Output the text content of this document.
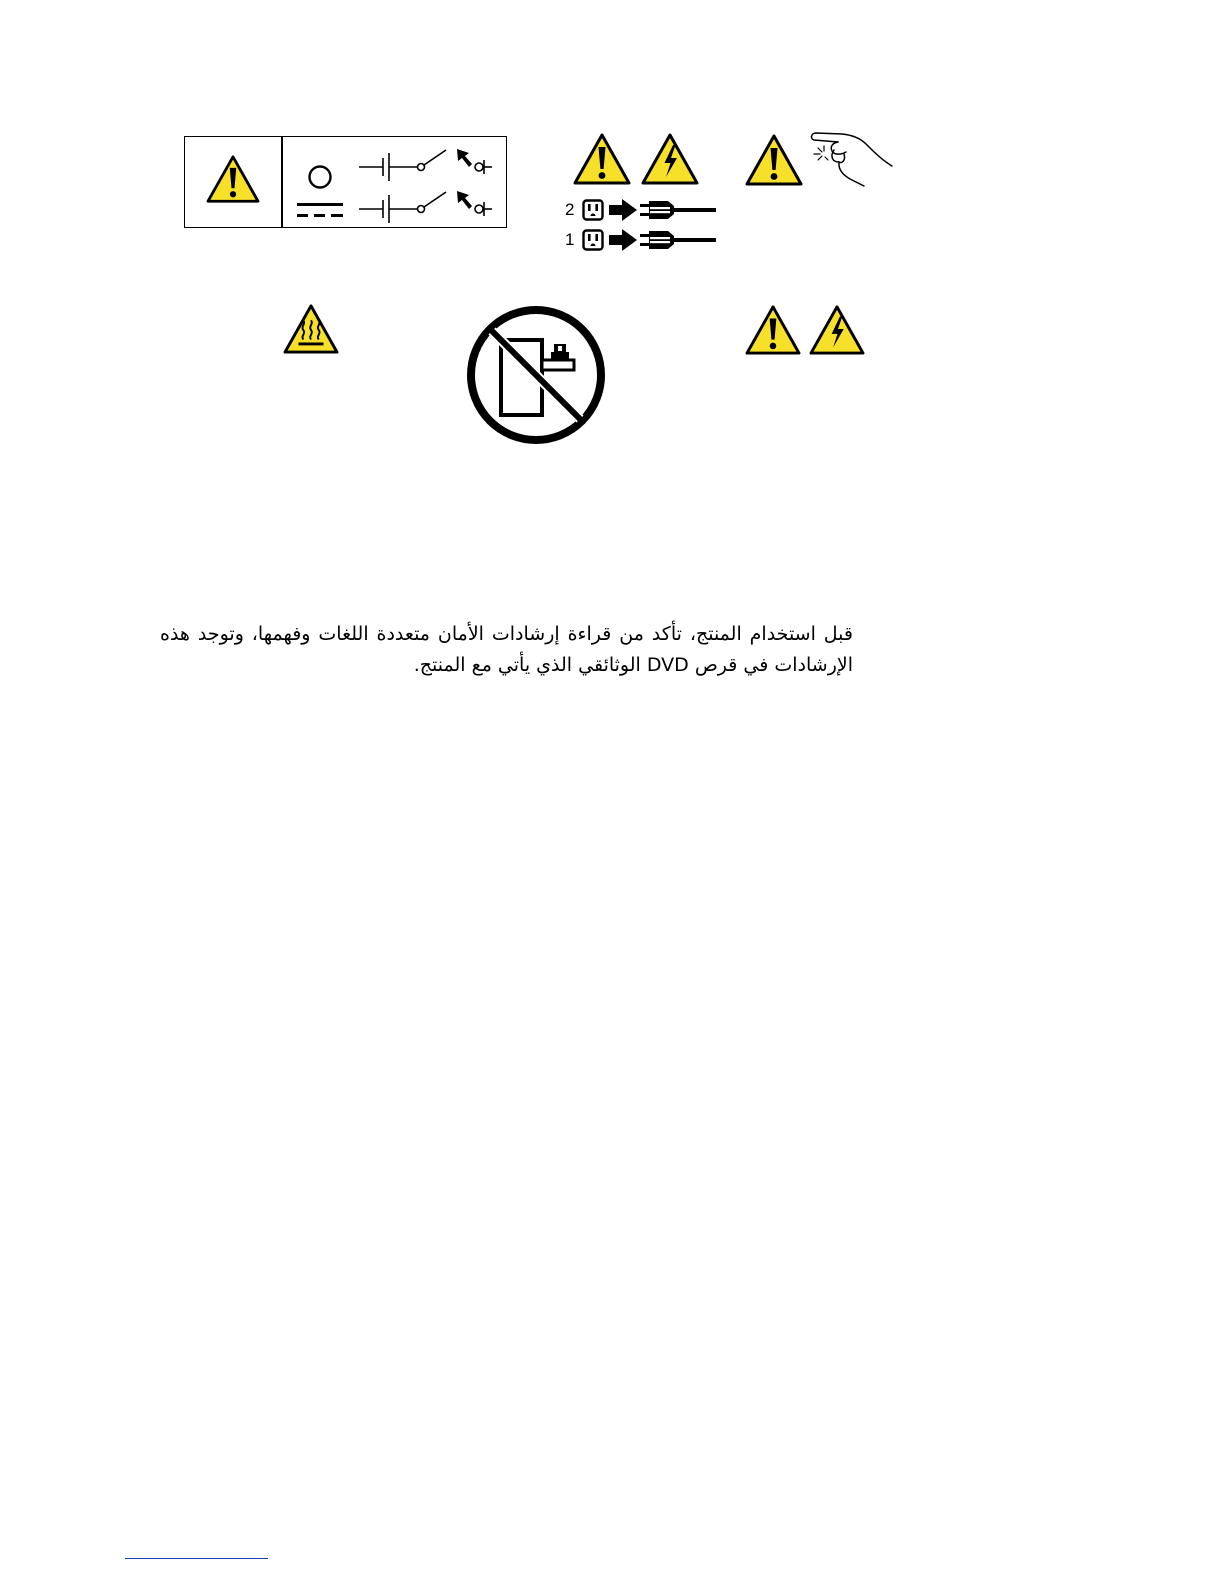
2
1

قبل استخدام المنتج، تأكد من قراءة إرشادات الأمان متعددة اللغات وفهمها، وتوجد هذه الإرشادات في قرص DVD الوثائقي الذي يأتي مع المنتج.
